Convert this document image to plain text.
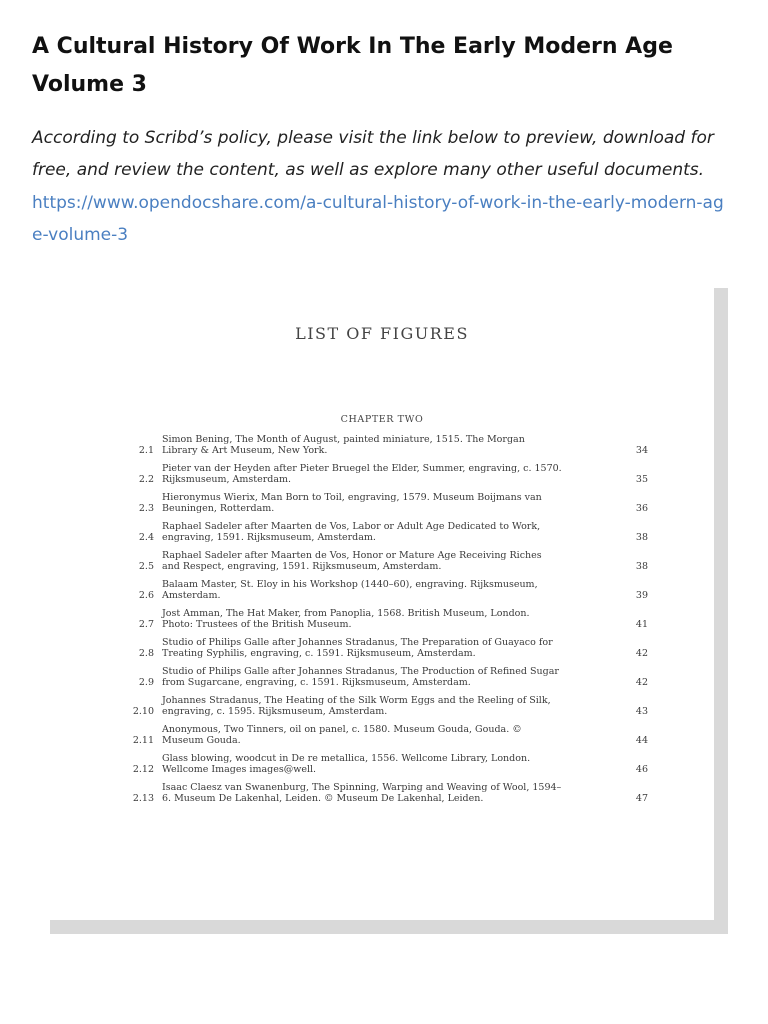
A Cultural History Of Work In The Early Modern Age Volume 3

According to Scribd’s policy, please visit the link below to preview, download for free, and review the content, as well as explore many other useful documents.

https://www.opendocshare.com/a-cultural-history-of-work-in-the-early-modern-age-volume-3
LIST OF FIGURES
CHAPTER TWO
2.1
Simon Bening, The Month of August, painted miniature, 1515. The Morgan Library & Art Museum, New York.	34
2.2
Pieter van der Heyden after Pieter Bruegel the Elder, Summer, engraving, c. 1570. Rijksmuseum, Amsterdam.	35
2.3
Hieronymus Wierix, Man Born to Toil, engraving, 1579. Museum Boijmans van Beuningen, Rotterdam.	36
2.4
Raphael Sadeler after Maarten de Vos, Labor or Adult Age Dedicated to Work, engraving, 1591. Rijksmuseum, Amsterdam.	38
2.5
Raphael Sadeler after Maarten de Vos, Honor or Mature Age Receiving Riches and Respect, engraving, 1591. Rijksmuseum, Amsterdam.	38
2.6
Balaam Master, St. Eloy in his Workshop (1440–60), engraving. Rijksmuseum, Amsterdam.	39
2.7
Jost Amman, The Hat Maker, from Panoplia, 1568. British Museum, London. Photo: Trustees of the British Museum.	41
2.8
Studio of Philips Galle after Johannes Stradanus, The Preparation of Guayaco for Treating Syphilis, engraving, c. 1591. Rijksmuseum, Amsterdam.	42
2.9
Studio of Philips Galle after Johannes Stradanus, The Production of Refined Sugar from Sugarcane, engraving, c. 1591. Rijksmuseum, Amsterdam.	42
2.10
Johannes Stradanus, The Heating of the Silk Worm Eggs and the Reeling of Silk, engraving, c. 1595. Rijksmuseum, Amsterdam.	43
2.11
Anonymous, Two Tinners, oil on panel, c. 1580. Museum Gouda, Gouda. © Museum Gouda.	44
2.12
Glass blowing, woodcut in De re metallica, 1556. Wellcome Library, London. Wellcome Images images@well.	46
2.13
Isaac Claesz van Swanenburg, The Spinning, Warping and Weaving of Wool, 1594–6. Museum De Lakenhal, Leiden. © Museum De Lakenhal, Leiden.	47
